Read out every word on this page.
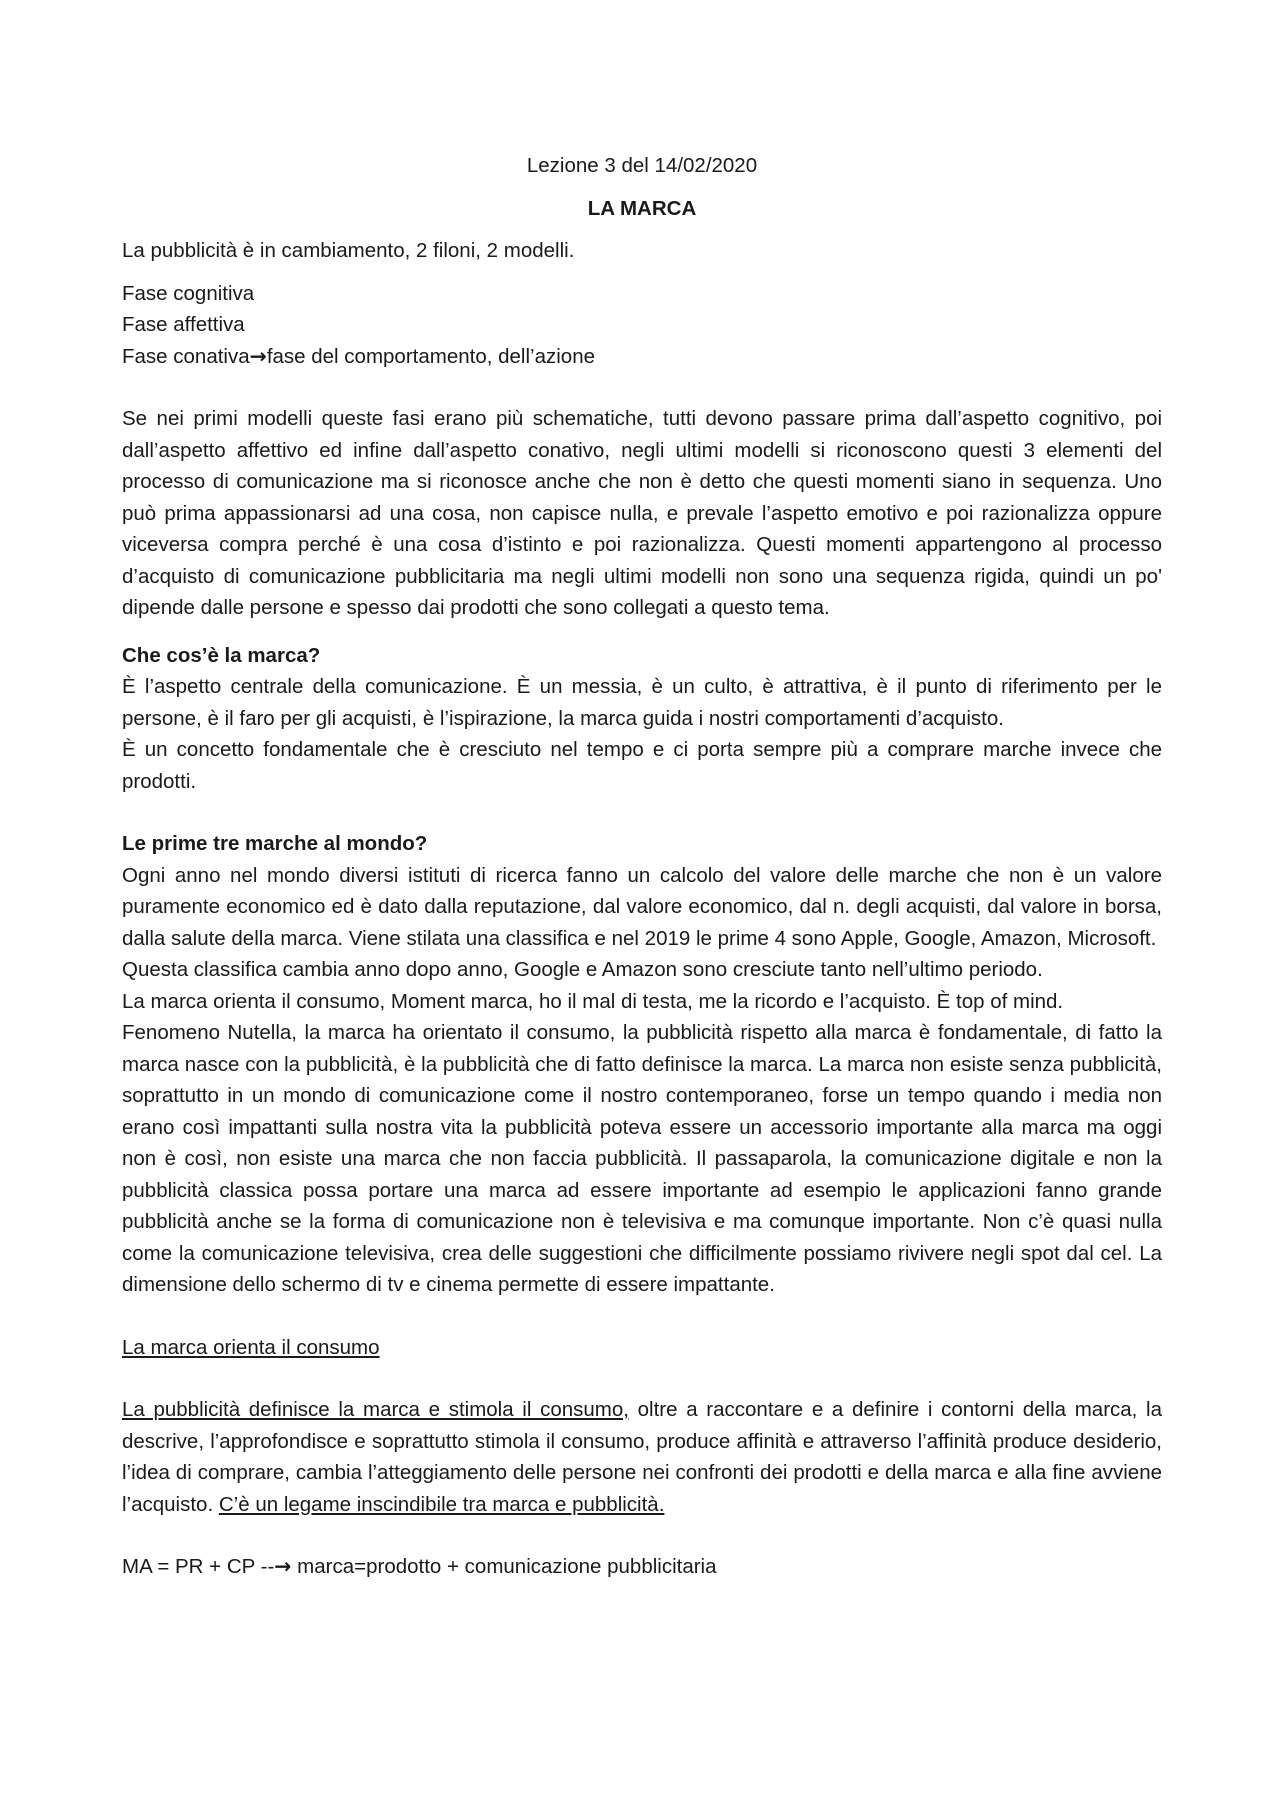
Lezione 3 del 14/02/2020

LA MARCA

La pubblicità è in cambiamento, 2 filoni, 2 modelli.

Fase cognitiva

Fase affettiva

Fase conativa→fase del comportamento, dell’azione

Se nei primi modelli queste fasi erano più schematiche, tutti devono passare prima dall’aspetto cognitivo, poi dall’aspetto affettivo ed infine dall’aspetto conativo, negli ultimi modelli si riconoscono questi 3 elementi del processo di comunicazione ma si riconosce anche che non è detto che questi momenti siano in sequenza. Uno può prima appassionarsi ad una cosa, non capisce nulla, e prevale l’aspetto emotivo e poi razionalizza oppure viceversa compra perché è una cosa d’istinto e poi razionalizza. Questi momenti appartengono al processo d’acquisto di comunicazione pubblicitaria ma negli ultimi modelli non sono una sequenza rigida, quindi un po' dipende dalle persone e spesso dai prodotti che sono collegati a questo tema.

Che cos’è la marca?

È l’aspetto centrale della comunicazione. È un messia, è un culto, è attrattiva, è il punto di riferimento per le persone, è il faro per gli acquisti, è l’ispirazione, la marca guida i nostri comportamenti d’acquisto.

È un concetto fondamentale che è cresciuto nel tempo e ci porta sempre più a comprare marche invece che prodotti.

Le prime tre marche al mondo?

Ogni anno nel mondo diversi istituti di ricerca fanno un calcolo del valore delle marche che non è un valore puramente economico ed è dato dalla reputazione, dal valore economico, dal n. degli acquisti, dal valore in borsa, dalla salute della marca. Viene stilata una classifica e nel 2019 le prime 4 sono Apple, Google, Amazon, Microsoft.

Questa classifica cambia anno dopo anno, Google e Amazon sono cresciute tanto nell’ultimo periodo.

La marca orienta il consumo, Moment marca, ho il mal di testa, me la ricordo e l’acquisto. È top of mind.

Fenomeno Nutella, la marca ha orientato il consumo, la pubblicità rispetto alla marca è fondamentale, di fatto la marca nasce con la pubblicità, è la pubblicità che di fatto definisce la marca. La marca non esiste senza pubblicità, soprattutto in un mondo di comunicazione come il nostro contemporaneo, forse un tempo quando i media non erano così impattanti sulla nostra vita la pubblicità poteva essere un accessorio importante alla marca ma oggi non è così, non esiste una marca che non faccia pubblicità. Il passaparola, la comunicazione digitale e non la pubblicità classica possa portare una marca ad essere importante ad esempio le applicazioni fanno grande pubblicità anche se la forma di comunicazione non è televisiva e ma comunque importante. Non c’è quasi nulla come la comunicazione televisiva, crea delle suggestioni che difficilmente possiamo rivivere negli spot dal cel. La dimensione dello schermo di tv e cinema permette di essere impattante.

La marca orienta il consumo

La pubblicità definisce la marca e stimola il consumo, oltre a raccontare e a definire i contorni della marca, la descrive, l’approfondisce e soprattutto stimola il consumo, produce affinità e attraverso l’affinità produce desiderio, l’idea di comprare, cambia l’atteggiamento delle persone nei confronti dei prodotti e della marca e alla fine avviene l’acquisto. C’è un legame inscindibile tra marca e pubblicità.

MA = PR + CP --→ marca=prodotto + comunicazione pubblicitaria
